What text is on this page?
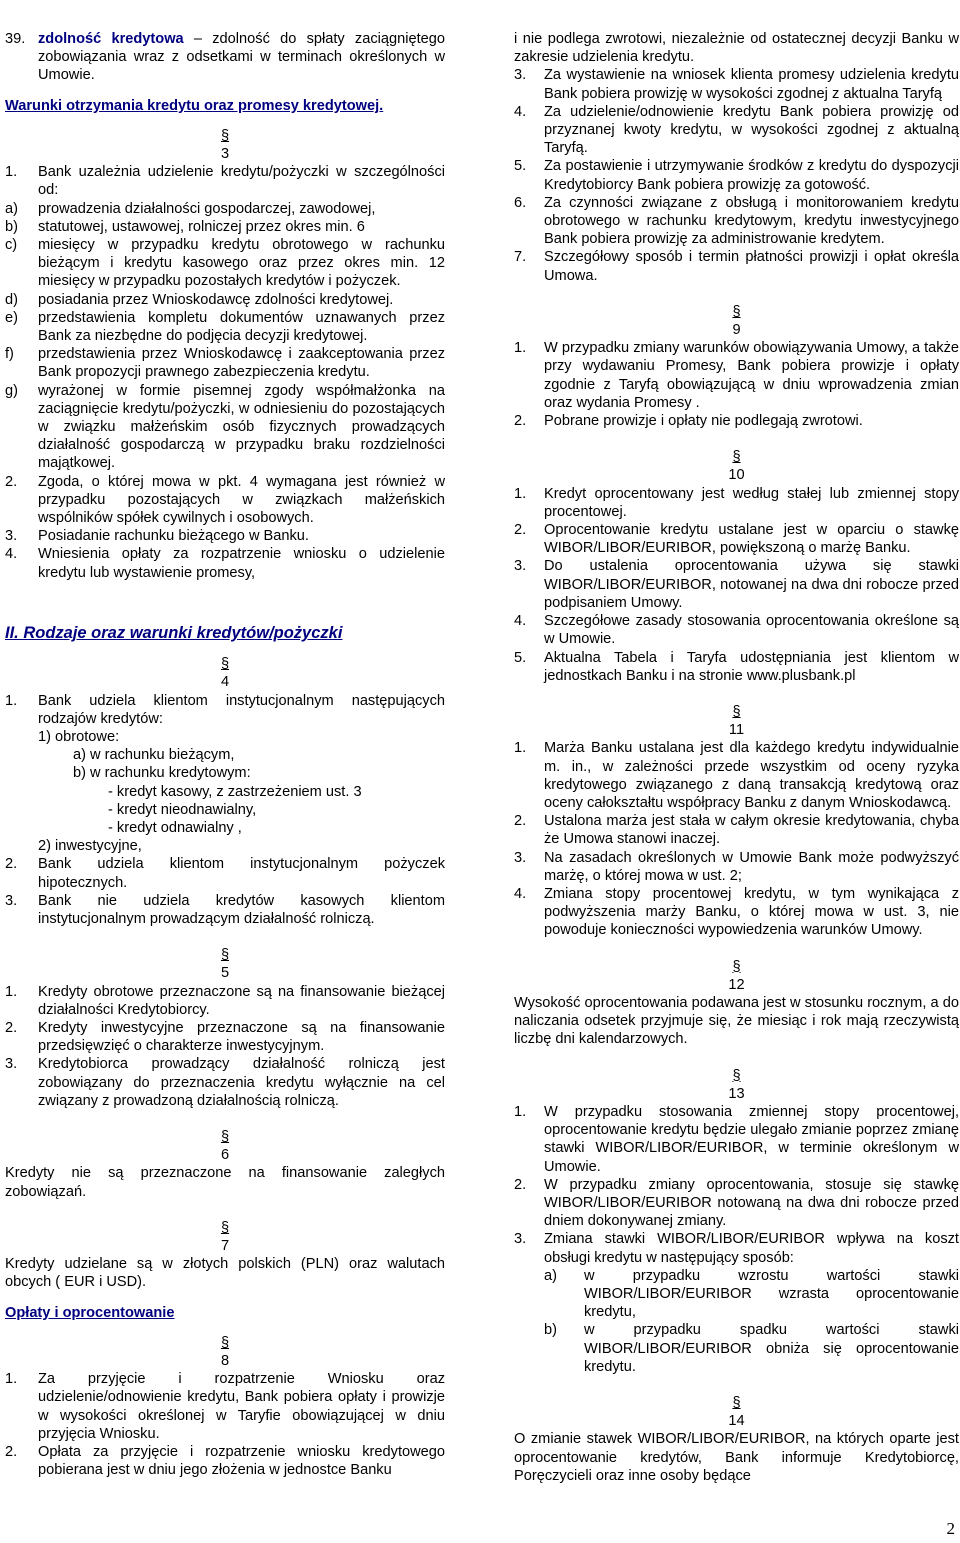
39. zdolność kredytowa – zdolność do spłaty zaciągniętego zobowiązania wraz z odsetkami w terminach określonych w Umowie.

Warunki otrzymania kredytu oraz promesy kredytowej.

§
3

1.	Bank uzależnia udzielenie kredytu/pożyczki w szczególności od:
a)	prowadzenia działalności gospodarczej, zawodowej,
b)	statutowej, ustawowej, rolniczej przez okres min. 6
c)	miesięcy w przypadku kredytu obrotowego w rachunku bieżącym i kredytu kasowego oraz przez okres min. 12 miesięcy w przypadku pozostałych kredytów i pożyczek.
d)	posiadania przez Wnioskodawcę zdolności kredytowej.
e)	przedstawienia kompletu dokumentów uznawanych przez Bank za niezbędne do podjęcia decyzji kredytowej.
f)	przedstawienia przez Wnioskodawcę i zaakceptowania przez Bank propozycji prawnego zabezpieczenia kredytu.
g)	wyrażonej w formie pisemnej zgody współmałżonka na zaciągnięcie kredytu/pożyczki, w odniesieniu do pozostających w związku małżeńskim osób fizycznych prowadzących działalność gospodarczą w przypadku braku rozdzielności majątkowej.
2.	Zgoda, o której mowa w pkt. 4 wymagana jest również w przypadku pozostających w związkach małżeńskich wspólników spółek cywilnych i osobowych.
3.	Posiadanie rachunku bieżącego w Banku.
4.	Wniesienia opłaty za rozpatrzenie wniosku o udzielenie kredytu lub wystawienie promesy,

II. Rodzaje oraz warunki kredytów/pożyczki

§
4

1.	Bank udziela klientom instytucjonalnym następujących rodzajów kredytów:
1) obrotowe:
a) w rachunku bieżącym,
b) w rachunku kredytowym:
- kredyt kasowy, z zastrzeżeniem ust. 3
- kredyt nieodnawialny,
- kredyt odnawialny ,
2) inwestycyjne,
2.	Bank udziela klientom instytucjonalnym pożyczek hipotecznych.
3.	Bank nie udziela kredytów kasowych klientom instytucjonalnym prowadzącym działalność rolniczą.

§
5

1.	Kredyty obrotowe przeznaczone są na finansowanie bieżącej działalności Kredytobiorcy.
2.	Kredyty inwestycyjne przeznaczone są na finansowanie przedsięwzięć o charakterze inwestycyjnym.
3.	Kredytobiorca prowadzący działalność rolniczą jest zobowiązany do przeznaczenia kredytu wyłącznie na cel związany z prowadzoną działalnością rolniczą.

§
6

Kredyty nie są przeznaczone na finansowanie zaległych zobowiązań.

§
7

Kredyty udzielane są w złotych polskich (PLN) oraz walutach obcych ( EUR i USD).

Opłaty i oprocentowanie

§
8

1.	Za przyjęcie i rozpatrzenie Wniosku oraz udzielenie/odnowienie kredytu, Bank pobiera opłaty i prowizje w wysokości określonej w Taryfie obowiązującej w dniu przyjęcia Wniosku.
2.	Opłata za przyjęcie i rozpatrzenie wniosku kredytowego pobierana jest w dniu jego złożenia w jednostce Banku

i nie podlega zwrotowi, niezależnie od ostatecznej decyzji Banku w zakresie udzielenia kredytu.

3.	Za wystawienie na wniosek klienta promesy udzielenia kredytu Bank pobiera prowizję w wysokości zgodnej z aktualna Taryfą
4.	Za udzielenie/odnowienie kredytu Bank pobiera prowizję od przyznanej kwoty kredytu, w wysokości zgodnej z aktualną Taryfą.
5.	Za postawienie i utrzymywanie środków z kredytu do dyspozycji Kredytobiorcy Bank pobiera prowizję za gotowość.
6.	Za czynności związane z obsługą i monitorowaniem kredytu obrotowego w rachunku kredytowym, kredytu inwestycyjnego Bank pobiera prowizję za administrowanie kredytem.
7.	Szczegółowy sposób i termin płatności prowizji i opłat określa Umowa.

§
9

1.	W przypadku zmiany warunków obowiązywania Umowy, a także przy wydawaniu Promesy, Bank pobiera prowizje i opłaty zgodnie z Taryfą obowiązującą w dniu wprowadzenia zmian oraz wydania Promesy .
2.	Pobrane prowizje i opłaty nie podlegają zwrotowi.

§
10

1.	Kredyt oprocentowany jest według stałej lub zmiennej stopy procentowej.
2.	Oprocentowanie kredytu ustalane jest w oparciu o stawkę WIBOR/LIBOR/EURIBOR, powiększoną o marżę Banku.
3.	Do ustalenia oprocentowania używa się stawki WIBOR/LIBOR/EURIBOR, notowanej na dwa dni robocze przed podpisaniem Umowy.
4.	Szczegółowe zasady stosowania oprocentowania określone są w Umowie.
5.	Aktualna Tabela i Taryfa udostępniania jest klientom w jednostkach Banku i na stronie www.plusbank.pl

§
11

1.	Marża Banku ustalana jest dla każdego kredytu indywidualnie m. in., w zależności przede wszystkim od oceny ryzyka kredytowego związanego z daną transakcją kredytową oraz oceny całokształtu współpracy Banku z danym Wnioskodawcą.
2.	Ustalona marża jest stała w całym okresie kredytowania, chyba że Umowa stanowi inaczej.
3.	Na zasadach określonych w Umowie Bank może podwyższyć marżę, o której mowa w ust. 2;
4.	Zmiana stopy procentowej kredytu, w tym wynikająca z podwyższenia marży Banku, o której mowa w ust. 3, nie powoduje konieczności wypowiedzenia warunków Umowy.

§
12

Wysokość oprocentowania podawana jest w stosunku rocznym, a do naliczania odsetek przyjmuje się, że miesiąc i rok mają rzeczywistą liczbę dni kalendarzowych.

§
13

1.	W przypadku stosowania zmiennej stopy procentowej, oprocentowanie kredytu będzie ulegało zmianie poprzez zmianę stawki WIBOR/LIBOR/EURIBOR, w terminie określonym w Umowie.
2.	W przypadku zmiany oprocentowania, stosuje się stawkę WIBOR/LIBOR/EURIBOR notowaną na dwa dni robocze przed dniem dokonywanej zmiany.
3.	Zmiana stawki WIBOR/LIBOR/EURIBOR wpływa na koszt obsługi kredytu w następujący sposób:
a)	w przypadku wzrostu wartości stawki WIBOR/LIBOR/EURIBOR wzrasta oprocentowanie kredytu,
b)	w przypadku spadku wartości stawki WIBOR/LIBOR/EURIBOR obniża się oprocentowanie kredytu.

§
14

O zmianie stawek WIBOR/LIBOR/EURIBOR, na których oparte jest oprocentowanie kredytów, Bank informuje Kredytobiorcę, Poręczycieli oraz inne osoby będące

2
